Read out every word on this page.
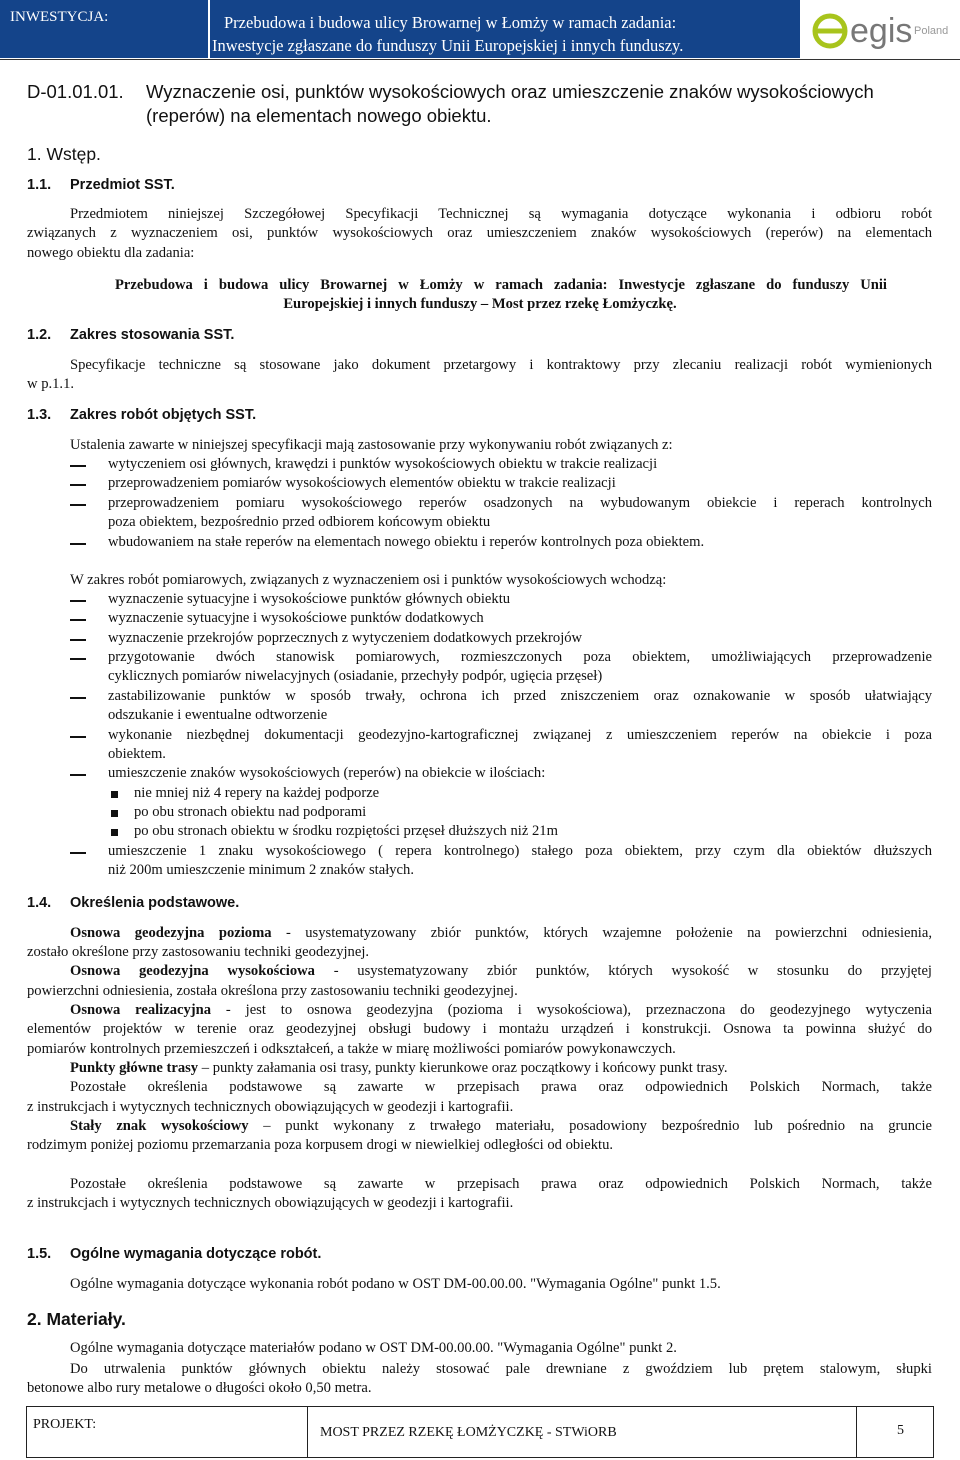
INWESTYCJA:	Przebudowa i budowa ulicy Browarnej w Łomży w ramach zadania:
Inwestycje zgłaszane do funduszy Unii Europejskiej i innych funduszy.	egis Poland
D-01.01.01. Wyznaczenie osi, punktów wysokościowych oraz umieszczenie znaków wysokościowych
(reperów) na elementach nowego obiektu.
1. Wstęp.
1.1. Przedmiot SST.
Przedmiotem niniejszej Szczegółowej Specyfikacji Technicznej są wymagania dotyczące wykonania i odbioru robót
związanych z wyznaczeniem osi, punktów wysokościowych oraz umieszczeniem znaków wysokościowych (reperów) na elementach
nowego obiektu dla zadania:
Przebudowa i budowa ulicy Browarnej w Łomży w ramach zadania: Inwestycje zgłaszane do funduszy Unii
Europejskiej i innych funduszy – Most przez rzekę Łomżyczkę.
1.2. Zakres stosowania SST.
Specyfikacje techniczne są stosowane jako dokument przetargowy i kontraktowy przy zlecaniu realizacji robót wymienionych
w p.1.1.
1.3. Zakres robót objętych SST.
Ustalenia zawarte w niniejszej specyfikacji mają zastosowanie przy wykonywaniu robót związanych z:
wytyczeniem osi głównych, krawędzi i punktów wysokościowych obiektu w trakcie realizacji
przeprowadzeniem pomiarów wysokościowych elementów obiektu w trakcie realizacji
przeprowadzeniem pomiaru wysokościowego reperów osadzonych na wybudowanym obiekcie i reperach kontrolnych
poza obiektem, bezpośrednio przed odbiorem końcowym obiektu
wbudowaniem na stałe reperów na elementach nowego obiektu i reperów kontrolnych poza obiektem.
W zakres robót pomiarowych, związanych z wyznaczeniem osi i punktów wysokościowych wchodzą:
wyznaczenie sytuacyjne i wysokościowe punktów głównych obiektu
wyznaczenie sytuacyjne i wysokościowe punktów dodatkowych
wyznaczenie przekrojów poprzecznych z wytyczeniem dodatkowych przekrojów
przygotowanie dwóch stanowisk pomiarowych, rozmieszczonych poza obiektem, umożliwiających przeprowadzenie
cyklicznych pomiarów niwelacyjnych (osiadanie, przechyły podpór, ugięcia przęseł)
zastabilizowanie punktów w sposób trwały, ochrona ich przed zniszczeniem oraz oznakowanie w sposób ułatwiający
odszukanie i ewentualne odtworzenie
wykonanie niezbędnej dokumentacji geodezyjno-kartograficznej związanej z umieszczeniem reperów na obiekcie i poza
obiektem.
umieszczenie znaków wysokościowych (reperów) na obiekcie w ilościach:
nie mniej niż 4 repery na każdej podporze
po obu stronach obiektu nad podporami
po obu stronach obiektu w środku rozpiętości przęseł dłuższych niż 21m
umieszczenie 1 znaku wysokościowego ( repera kontrolnego) stałego poza obiektem, przy czym dla obiektów dłuższych
niż 200m umieszczenie minimum 2 znaków stałych.
1.4. Określenia podstawowe.
Osnowa geodezyjna pozioma - usystematyzowany zbiór punktów, których wzajemne położenie na powierzchni odniesienia,
zostało określone przy zastosowaniu techniki geodezyjnej.
Osnowa geodezyjna wysokościowa - usystematyzowany zbiór punktów, których wysokość w stosunku do przyjętej
powierzchni odniesienia, została określona przy zastosowaniu techniki geodezyjnej.
Osnowa realizacyjna - jest to osnowa geodezyjna (pozioma i wysokościowa), przeznaczona do geodezyjnego wytyczenia
elementów projektów w terenie oraz geodezyjnej obsługi budowy i montażu urządzeń i konstrukcji. Osnowa ta powinna służyć do
pomiarów kontrolnych przemieszczeń i odkształceń, a także w miarę możliwości pomiarów powykonawczych.
Punkty główne trasy – punkty załamania osi trasy, punkty kierunkowe oraz początkowy i końcowy punkt trasy.
Pozostałe określenia podstawowe są zawarte w przepisach prawa oraz odpowiednich Polskich Normach, także
z instrukcjach i wytycznych technicznych obowiązujących w geodezji i kartografii.
Stały znak wysokościowy – punkt wykonany z trwałego materiału, posadowiony bezpośrednio lub pośrednio na gruncie
rodzimym poniżej poziomu przemarzania poza korpusem drogi w niewielkiej odległości od obiektu.
Pozostałe określenia podstawowe są zawarte w przepisach prawa oraz odpowiednich Polskich Normach, także
z instrukcjach i wytycznych technicznych obowiązujących w geodezji i kartografii.
1.5. Ogólne wymagania dotyczące robót.
Ogólne wymagania dotyczące wykonania robót podano w OST DM-00.00.00. "Wymagania Ogólne" punkt 1.5.
2. Materiały.
Ogólne wymagania dotyczące materiałów podano w OST DM-00.00.00. "Wymagania Ogólne" punkt 2.
Do utrwalenia punktów głównych obiektu należy stosować pale drewniane z gwoździem lub prętem stalowym, słupki
betonowe albo rury metalowe o długości około 0,50 metra.
PROJEKT:
MOST PRZEZ RZEKĘ ŁOMŻYCZKĘ - STWiORB	5
